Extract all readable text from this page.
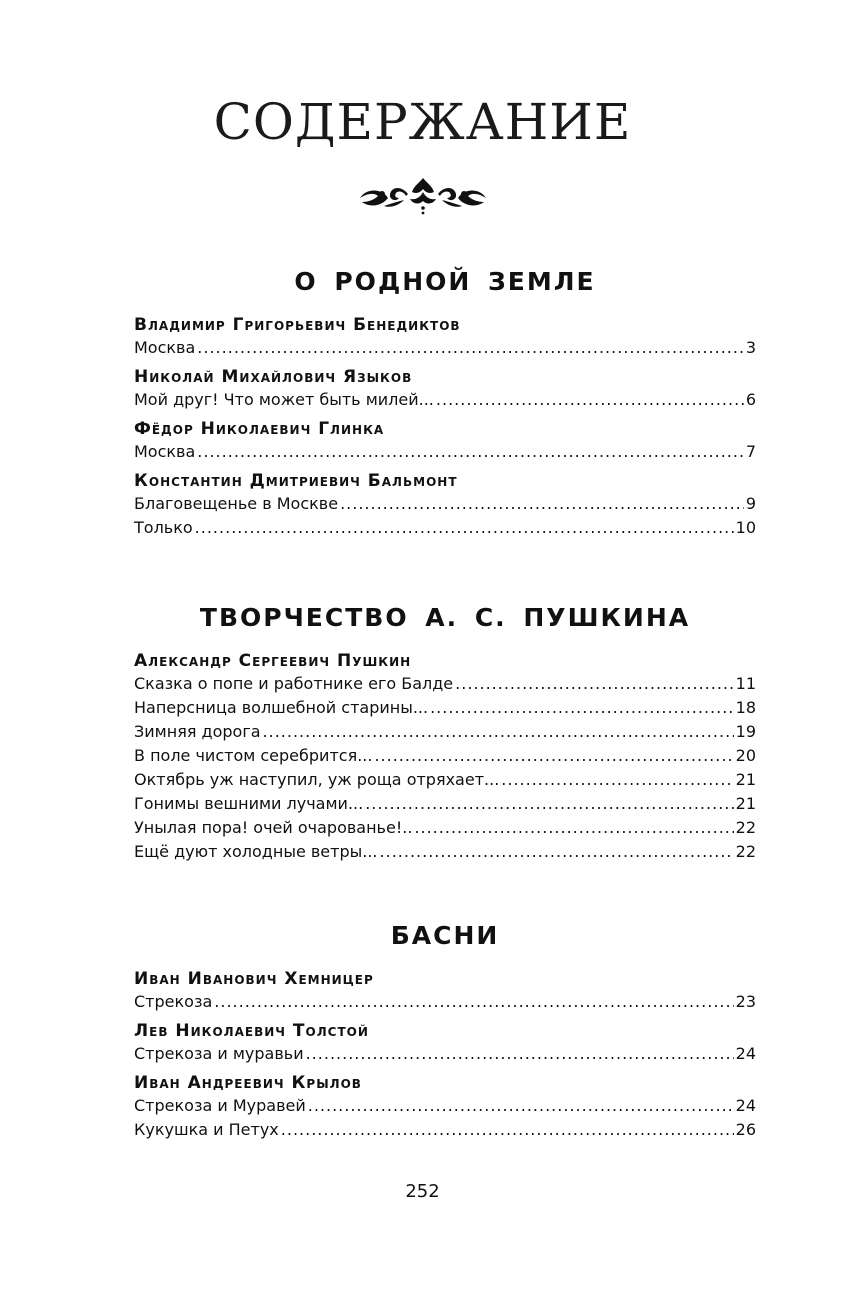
СОДЕРЖАНИЕ
О РОДНОЙ ЗЕМЛЕ
Владимир Григорьевич Бенедиктов
Москва .....	3
Николай Михайлович Языков
Мой друг! Что может быть милей... .....	6
Фёдор Николаевич Глинка
Москва .....	7
Константин Дмитриевич Бальмонт
Благовещенье в Москве .....	9
Только .....	10
ТВОРЧЕСТВО А. С. ПУШКИНА
Александр Сергеевич Пушкин
Сказка о попе и работнике его Балде .....	11
Наперсница волшебной старины... .....	18
Зимняя дорога .....	19
В поле чистом серебрится... .....	20
Октябрь уж наступил, уж роща отряхает... .....	21
Гонимы вешними лучами... .....	21
Унылая пора! очей очарованье!.. .....	22
Ещё дуют холодные ветры... .....	22
БАСНИ
Иван Иванович Хемницер
Стрекоза .....	23
Лев Николаевич Толстой
Стрекоза и муравьи .....	24
Иван Андреевич Крылов
Стрекоза и Муравей .....	24
Кукушка и Петух .....	26
252
